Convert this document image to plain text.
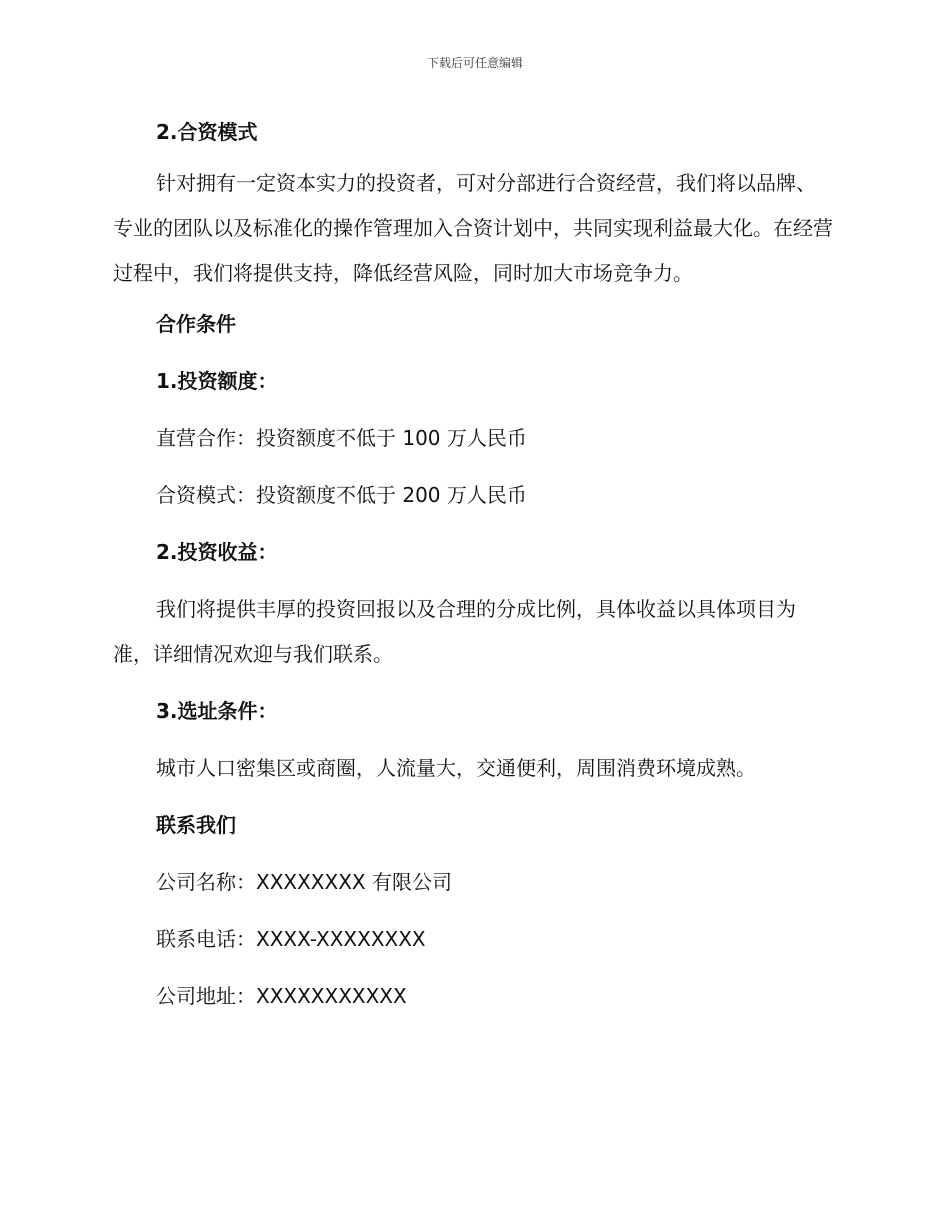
下载后可任意编辑

2.合资模式

针对拥有一定资本实力的投资者，可对分部进行合资经营，我们将以品牌、专业的团队以及标准化的操作管理加入合资计划中，共同实现利益最大化。在经营过程中，我们将提供支持，降低经营风险，同时加大市场竞争力。

合作条件

1.投资额度：

直营合作：投资额度不低于 100 万人民币

合资模式：投资额度不低于 200 万人民币

2.投资收益：

我们将提供丰厚的投资回报以及合理的分成比例，具体收益以具体项目为准，详细情况欢迎与我们联系。

3.选址条件：

城市人口密集区或商圈，人流量大，交通便利，周围消费环境成熟。

联系我们

公司名称：XXXXXXXX 有限公司

联系电话：XXXX-XXXXXXXX

公司地址：XXXXXXXXXXX
